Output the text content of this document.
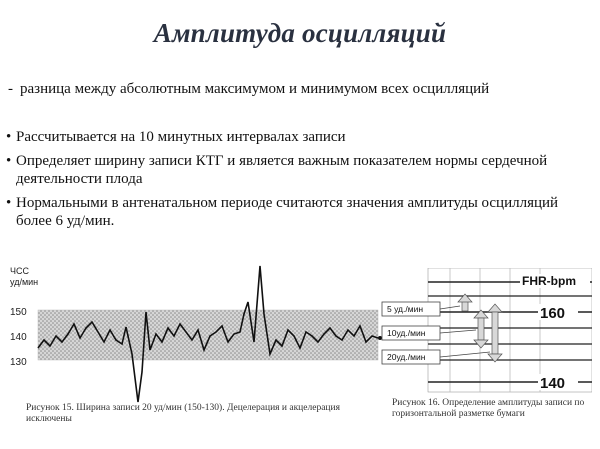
Амплитуда осцилляций
- разница между абсолютным максимумом и минимумом всех осцилляций
• Рассчитывается на 10 минутных интервалах записи
• Определяет ширину записи КТГ и является важным показателем нормы сердечной деятельности плода
• Нормальными в антенатальном периоде считаются значения амплитуды осцилляций более 6 уд/мин.
ЧСС
уд/мин
150
140
130
Рисунок 15. Ширина записи 20 уд/мин (150-130). Децелерация и акцелерация исключены
FHR-bpm
160
140
5 уд./мин
10уд./мин
20уд./мин
Рисунок 16. Определение амплитуды записи по горизонтальной разметке бумаги
